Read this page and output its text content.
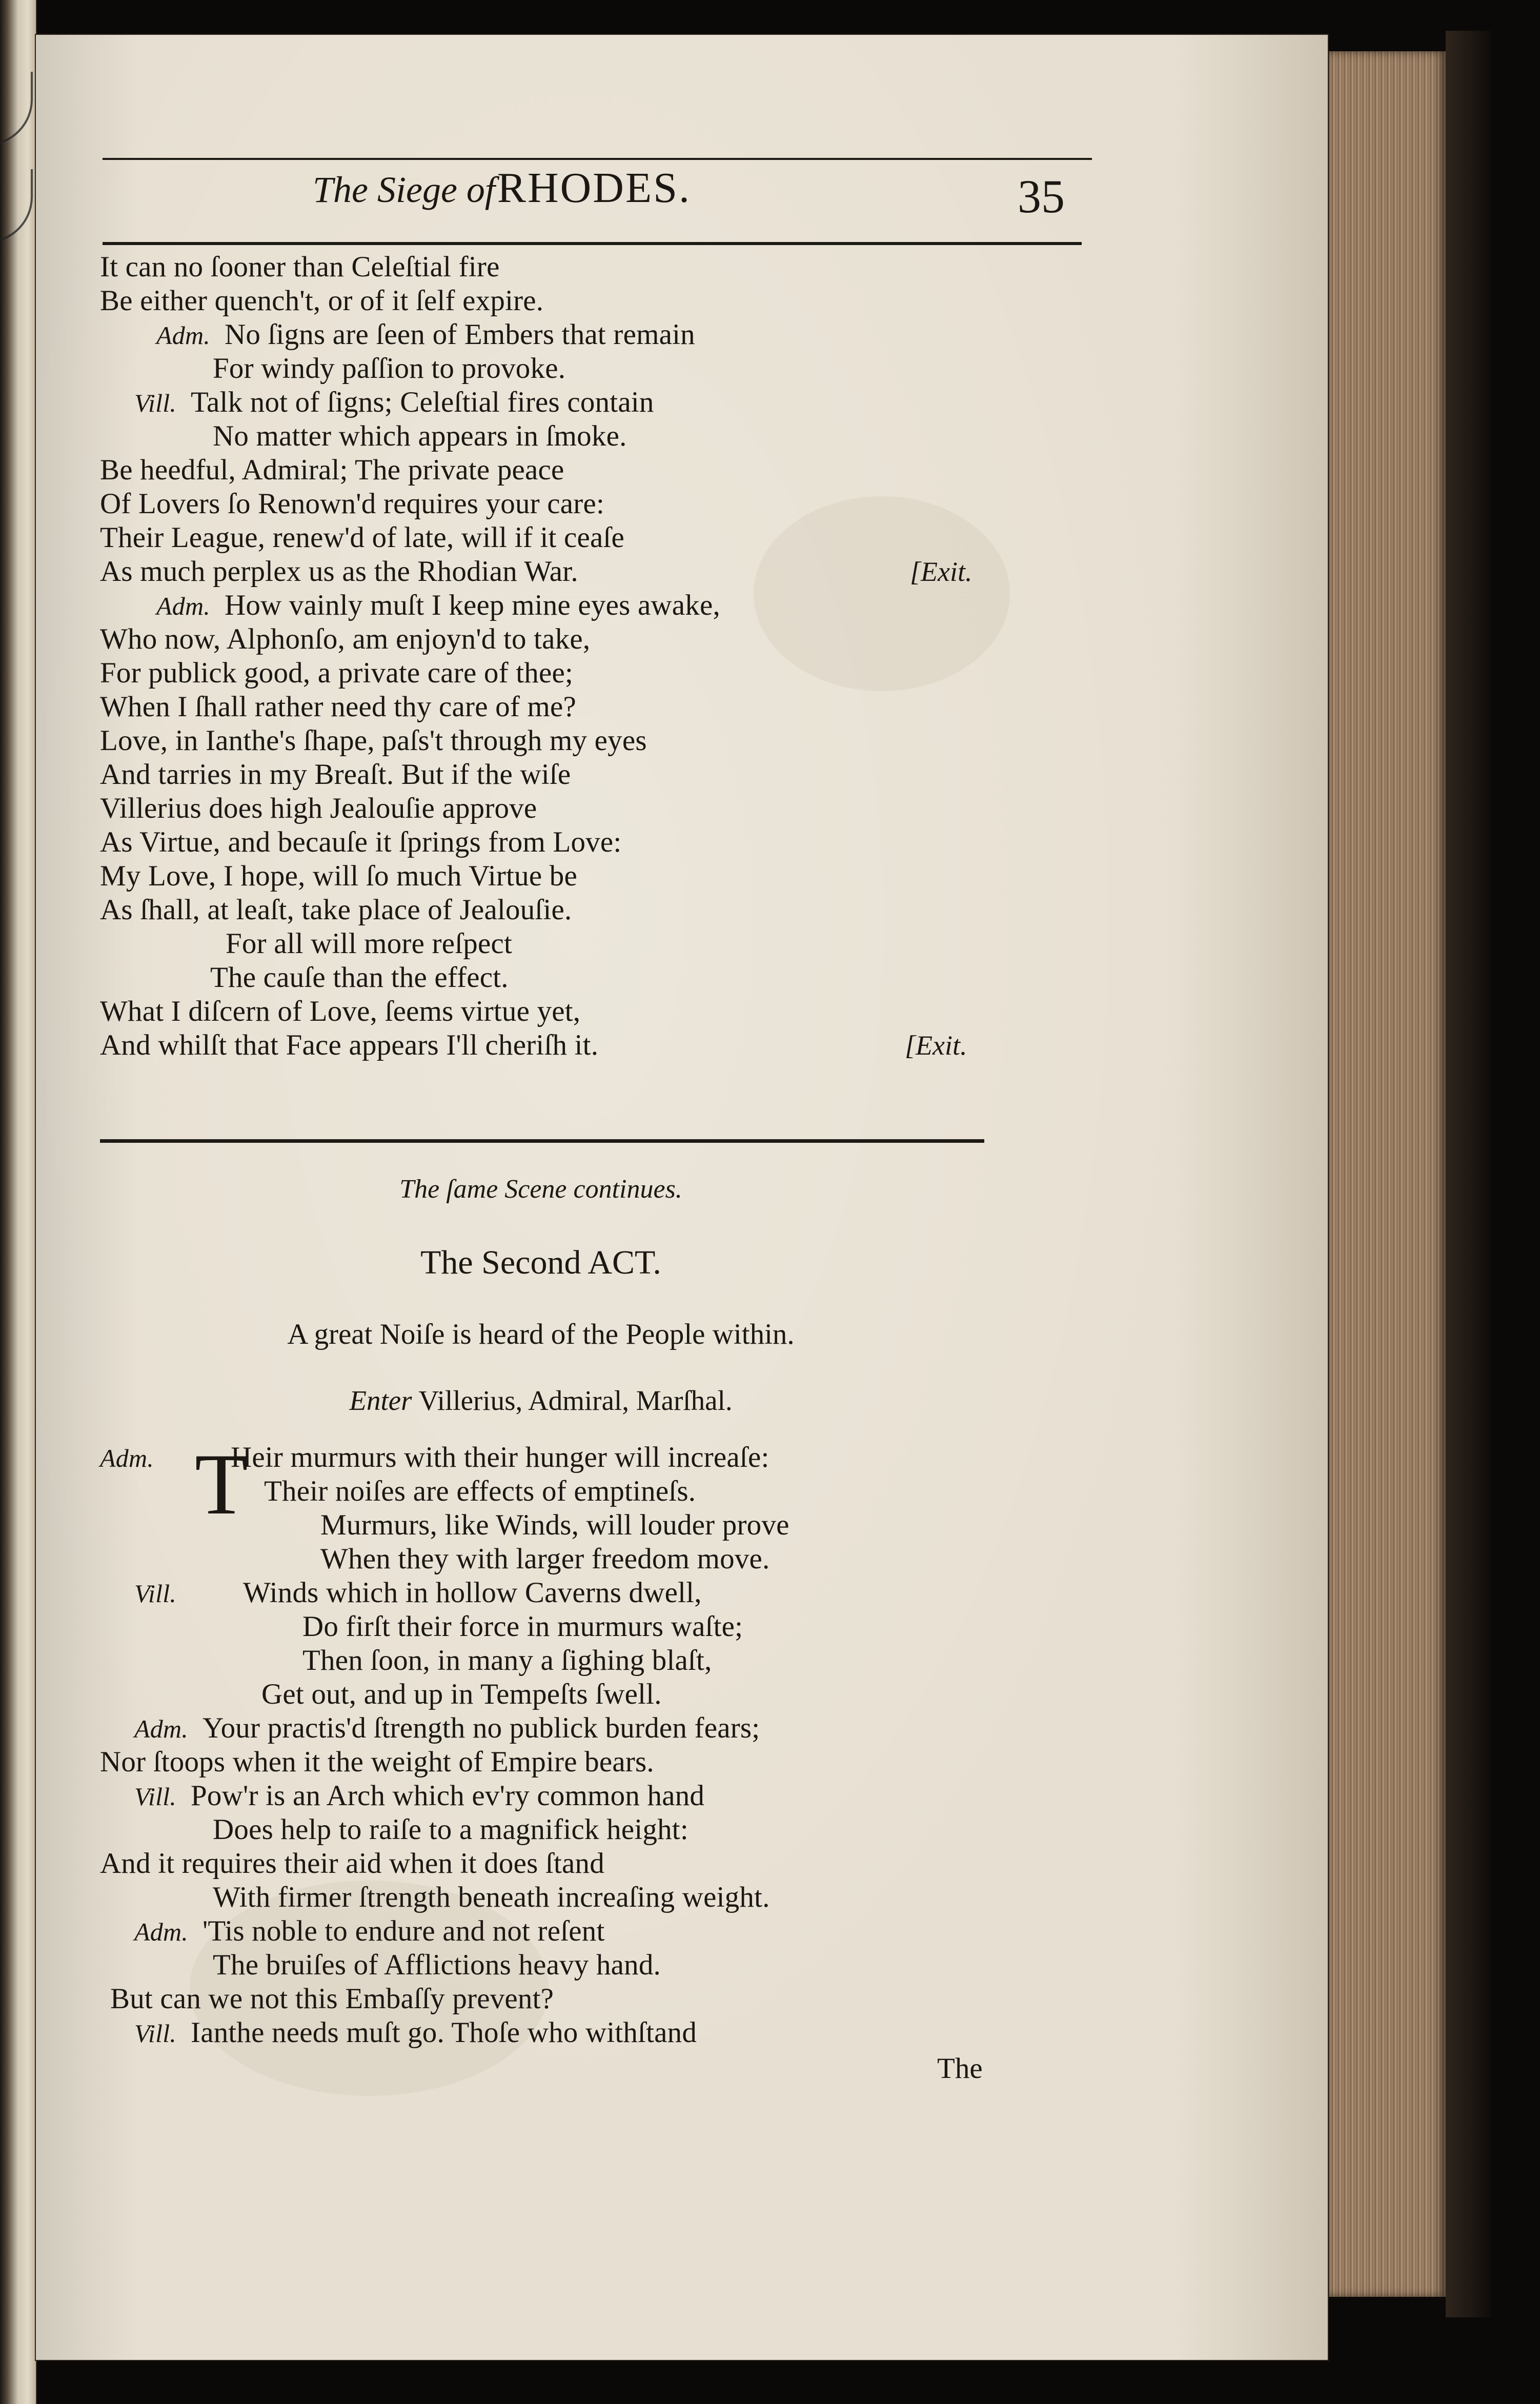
The Siege of RHODES.	35
It can no ſooner than Celeſtial fire
Be either quench't, or of it ſelf expire.
Adm. No ſigns are ſeen of Embers that remain
For windy paſſion to provoke.
Vill. Talk not of ſigns; Celeſtial fires contain
No matter which appears in ſmoke.
Be heedful, Admiral; The private peace
Of Lovers ſo Renown'd requires your care:
Their League, renew'd of late, will if it ceaſe
As much perplex us as the Rhodian War.	[Exit.
Adm. How vainly muſt I keep mine eyes awake,
Who now, Alphonſo, am enjoyn'd to take,
For publick good, a private care of thee;
When I ſhall rather need thy care of me?
Love, in Ianthe's ſhape, paſs't through my eyes
And tarries in my Breaſt. But if the wiſe
Villerius does high Jealouſie approve
As Virtue, and becauſe it ſprings from Love:
My Love, I hope, will ſo much Virtue be
As ſhall, at leaſt, take place of Jealouſie.
For all will more reſpect
The cauſe than the effect.
What I diſcern of Love, ſeems virtue yet,
And whilſt that Face appears I'll cheriſh it.	[Exit.
The ſame Scene continues.
The Second ACT.
A great Noiſe is heard of the People within.
Enter Villerius, Admiral, Marſhal.
T
Adm.	Heir murmurs with their hunger will increaſe:
Their noiſes are effects of emptineſs.
Murmurs, like Winds, will louder prove
When they with larger freedom move.
Vill. Winds which in hollow Caverns dwell,
Do firſt their force in murmurs waſte;
Then ſoon, in many a ſighing blaſt,
Get out, and up in Tempeſts ſwell.
Adm. Your practis'd ſtrength no publick burden fears;
Nor ſtoops when it the weight of Empire bears.
Vill. Pow'r is an Arch which ev'ry common hand
Does help to raiſe to a magnifick height:
And it requires their aid when it does ſtand
With firmer ſtrength beneath increaſing weight.
Adm. 'Tis noble to endure and not reſent
The bruiſes of Afflictions heavy hand.
But can we not this Embaſſy prevent?
Vill. Ianthe needs muſt go. Thoſe who withſtand
The
